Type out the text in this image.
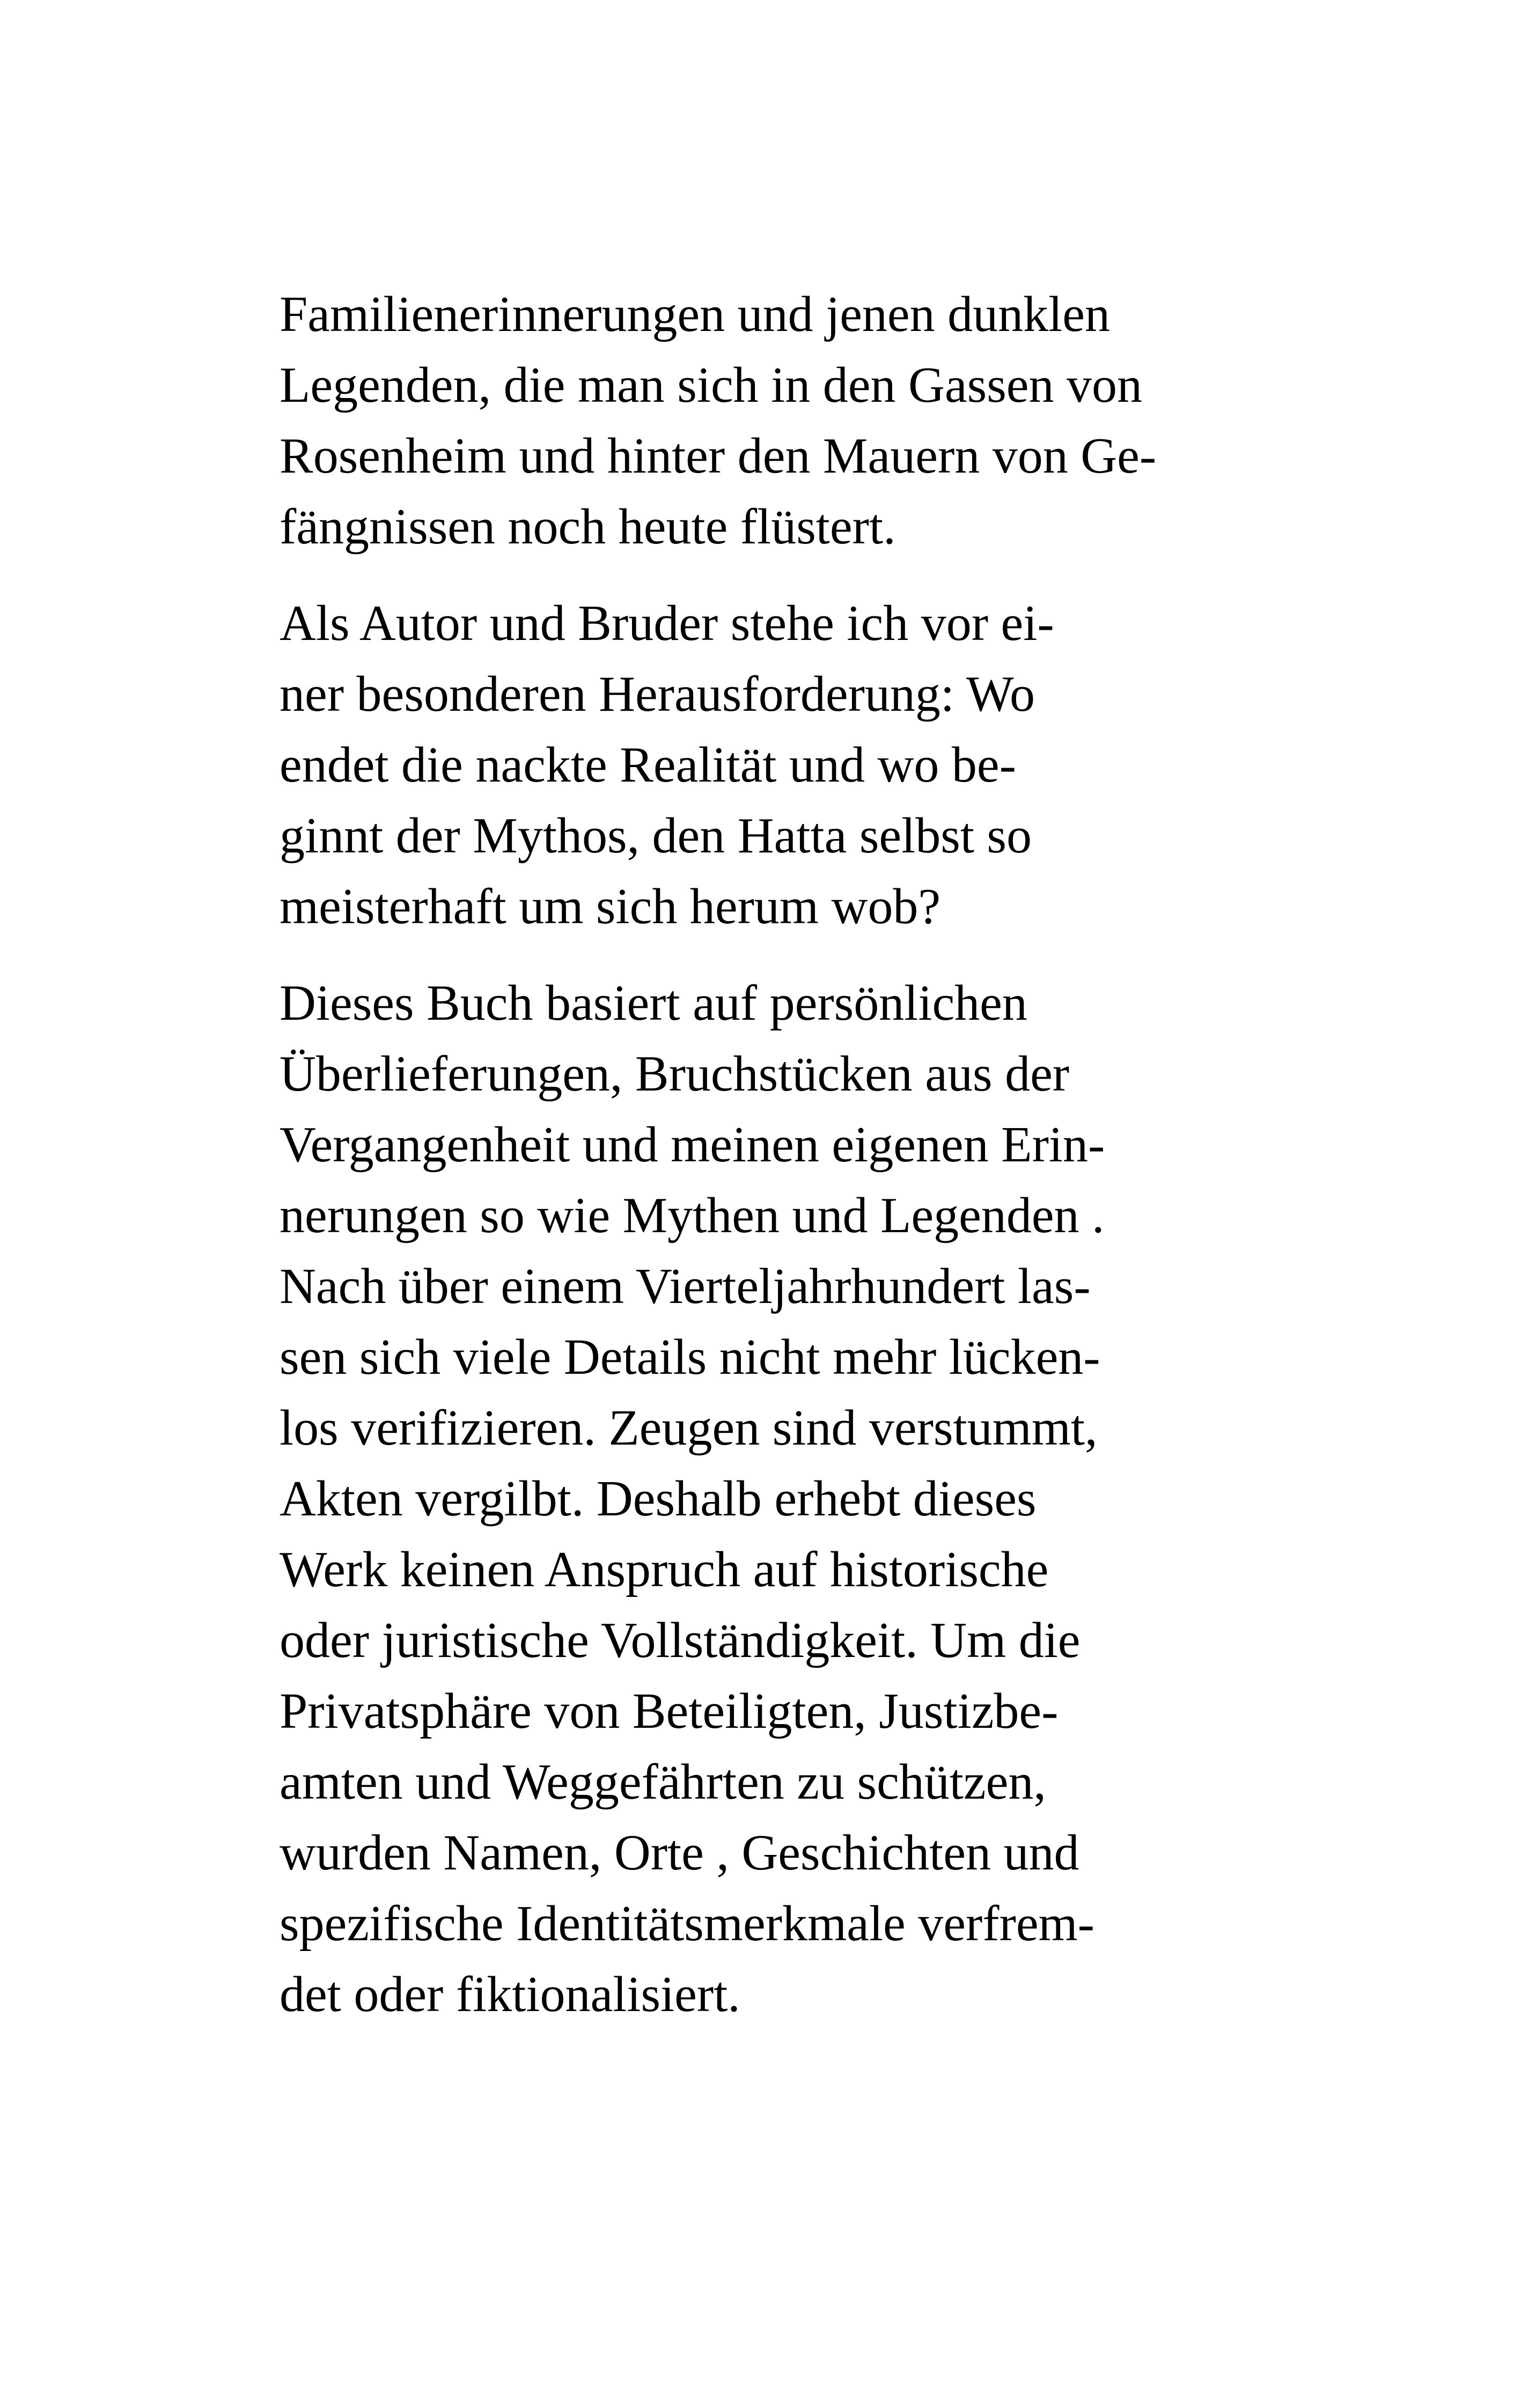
Familienerinnerungen und jenen dunklen
Legenden, die man sich in den Gassen von
Rosenheim und hinter den Mauern von Ge-
fängnissen noch heute flüstert.

Als Autor und Bruder stehe ich vor ei-
ner besonderen Herausforderung: Wo
endet die nackte Realität und wo be-
ginnt der Mythos, den Hatta selbst so
meisterhaft um sich herum wob?

Dieses Buch basiert auf persönlichen
Überlieferungen, Bruchstücken aus der
Vergangenheit und meinen eigenen Erin-
nerungen so wie Mythen und Legenden .
Nach über einem Vierteljahrhundert las-
sen sich viele Details nicht mehr lücken-
los verifizieren. Zeugen sind verstummt,
Akten vergilbt. Deshalb erhebt dieses
Werk keinen Anspruch auf historische
oder juristische Vollständigkeit. Um die
Privatsphäre von Beteiligten, Justizbe-
amten und Weggefährten zu schützen,
wurden Namen, Orte , Geschichten und
spezifische Identitätsmerkmale verfrem-
det oder fiktionalisiert.
